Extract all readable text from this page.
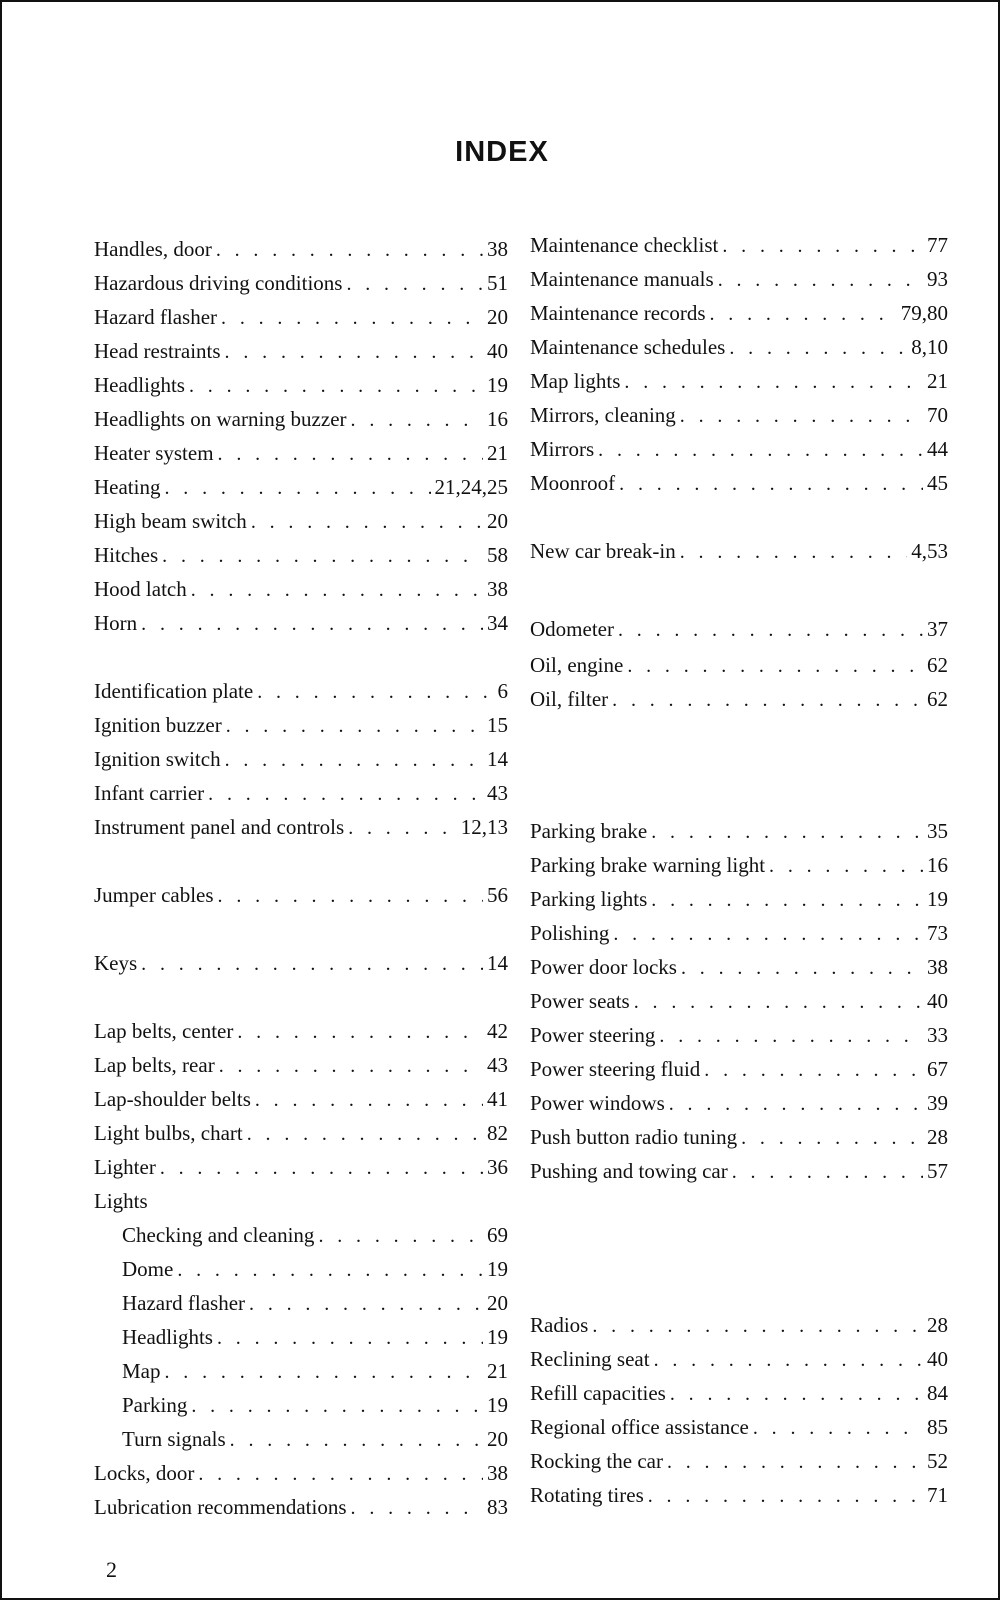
INDEX
Handles, door . . .	38
Hazardous driving conditions . . .	51
Hazard flasher . . .	20
Head restraints . . .	40
Headlights . . .	19
Headlights on warning buzzer . . .	16
Heater system . . .	21
Heating . . .	21,24,25
High beam switch . . .	20
Hitches . . .	58
Hood latch . . .	38
Horn . . .	34
Identification plate . . .	6
Ignition buzzer . . .	15
Ignition switch . . .	14
Infant carrier . . .	43
Instrument panel and controls . . .	12,13
Jumper cables . . .	56
Keys . . .	14
Lap belts, center . . .	42
Lap belts, rear . . .	43
Lap-shoulder belts . . .	41
Light bulbs, chart . . .	82
Lighter . . .	36
Lights
Checking and cleaning . . .	69
Dome . . .	19
Hazard flasher . . .	20
Headlights . . .	19
Map . . .	21
Parking . . .	19
Turn signals . . .	20
Locks, door . . .	38
Lubrication recommendations . . .	83
Maintenance checklist . . .	77
Maintenance manuals . . .	93
Maintenance records . . .	79,80
Maintenance schedules . . .	8,10
Map lights . . .	21
Mirrors, cleaning . . .	70
Mirrors . . .	44
Moonroof . . .	45
New car break-in . . .	4,53
Odometer . . .	37
Oil, engine . . .	62
Oil, filter . . .	62
Parking brake . . .	35
Parking brake warning light . . .	16
Parking lights . . .	19
Polishing . . .	73
Power door locks . . .	38
Power seats . . .	40
Power steering . . .	33
Power steering fluid . . .	67
Power windows . . .	39
Push button radio tuning . . .	28
Pushing and towing car . . .	57
Radios . . .	28
Reclining seat . . .	40
Refill capacities . . .	84
Regional office assistance . . .	85
Rocking the car . . .	52
Rotating tires . . .	71
2
